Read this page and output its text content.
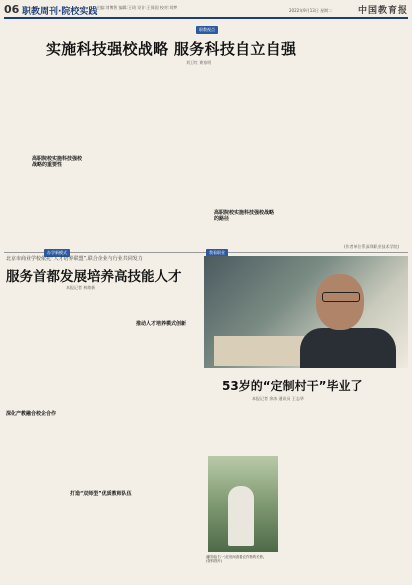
06 职教周刊·院校实践
主编:刘博智 编辑:王琦 设计:王保国 校对:刘梦
2022年9月13日 星期二	中国教育报
职教视点
实施科技强校战略 服务科技自立自强
刘卫红 黄家明
高职院校实施科技强校战略的重要性
高职院校实施科技强校战略的路径
(作者单位系深圳职业技术学院)
办学新模式
北京市商业学校依托“人才培养联盟”,联合企业与行业共同发力
服务首都发展培养高技能人才
本报记者 林焕新
深化产教融合校企合作
打造“双师型”优质教师队伍
推动人才培养模式创新
我看职业
53岁的“定制村干”毕业了
本报记者 余冰 通讯员 王志华
潘国成(右一)在田间查看农作物的长势。(资料图片)
